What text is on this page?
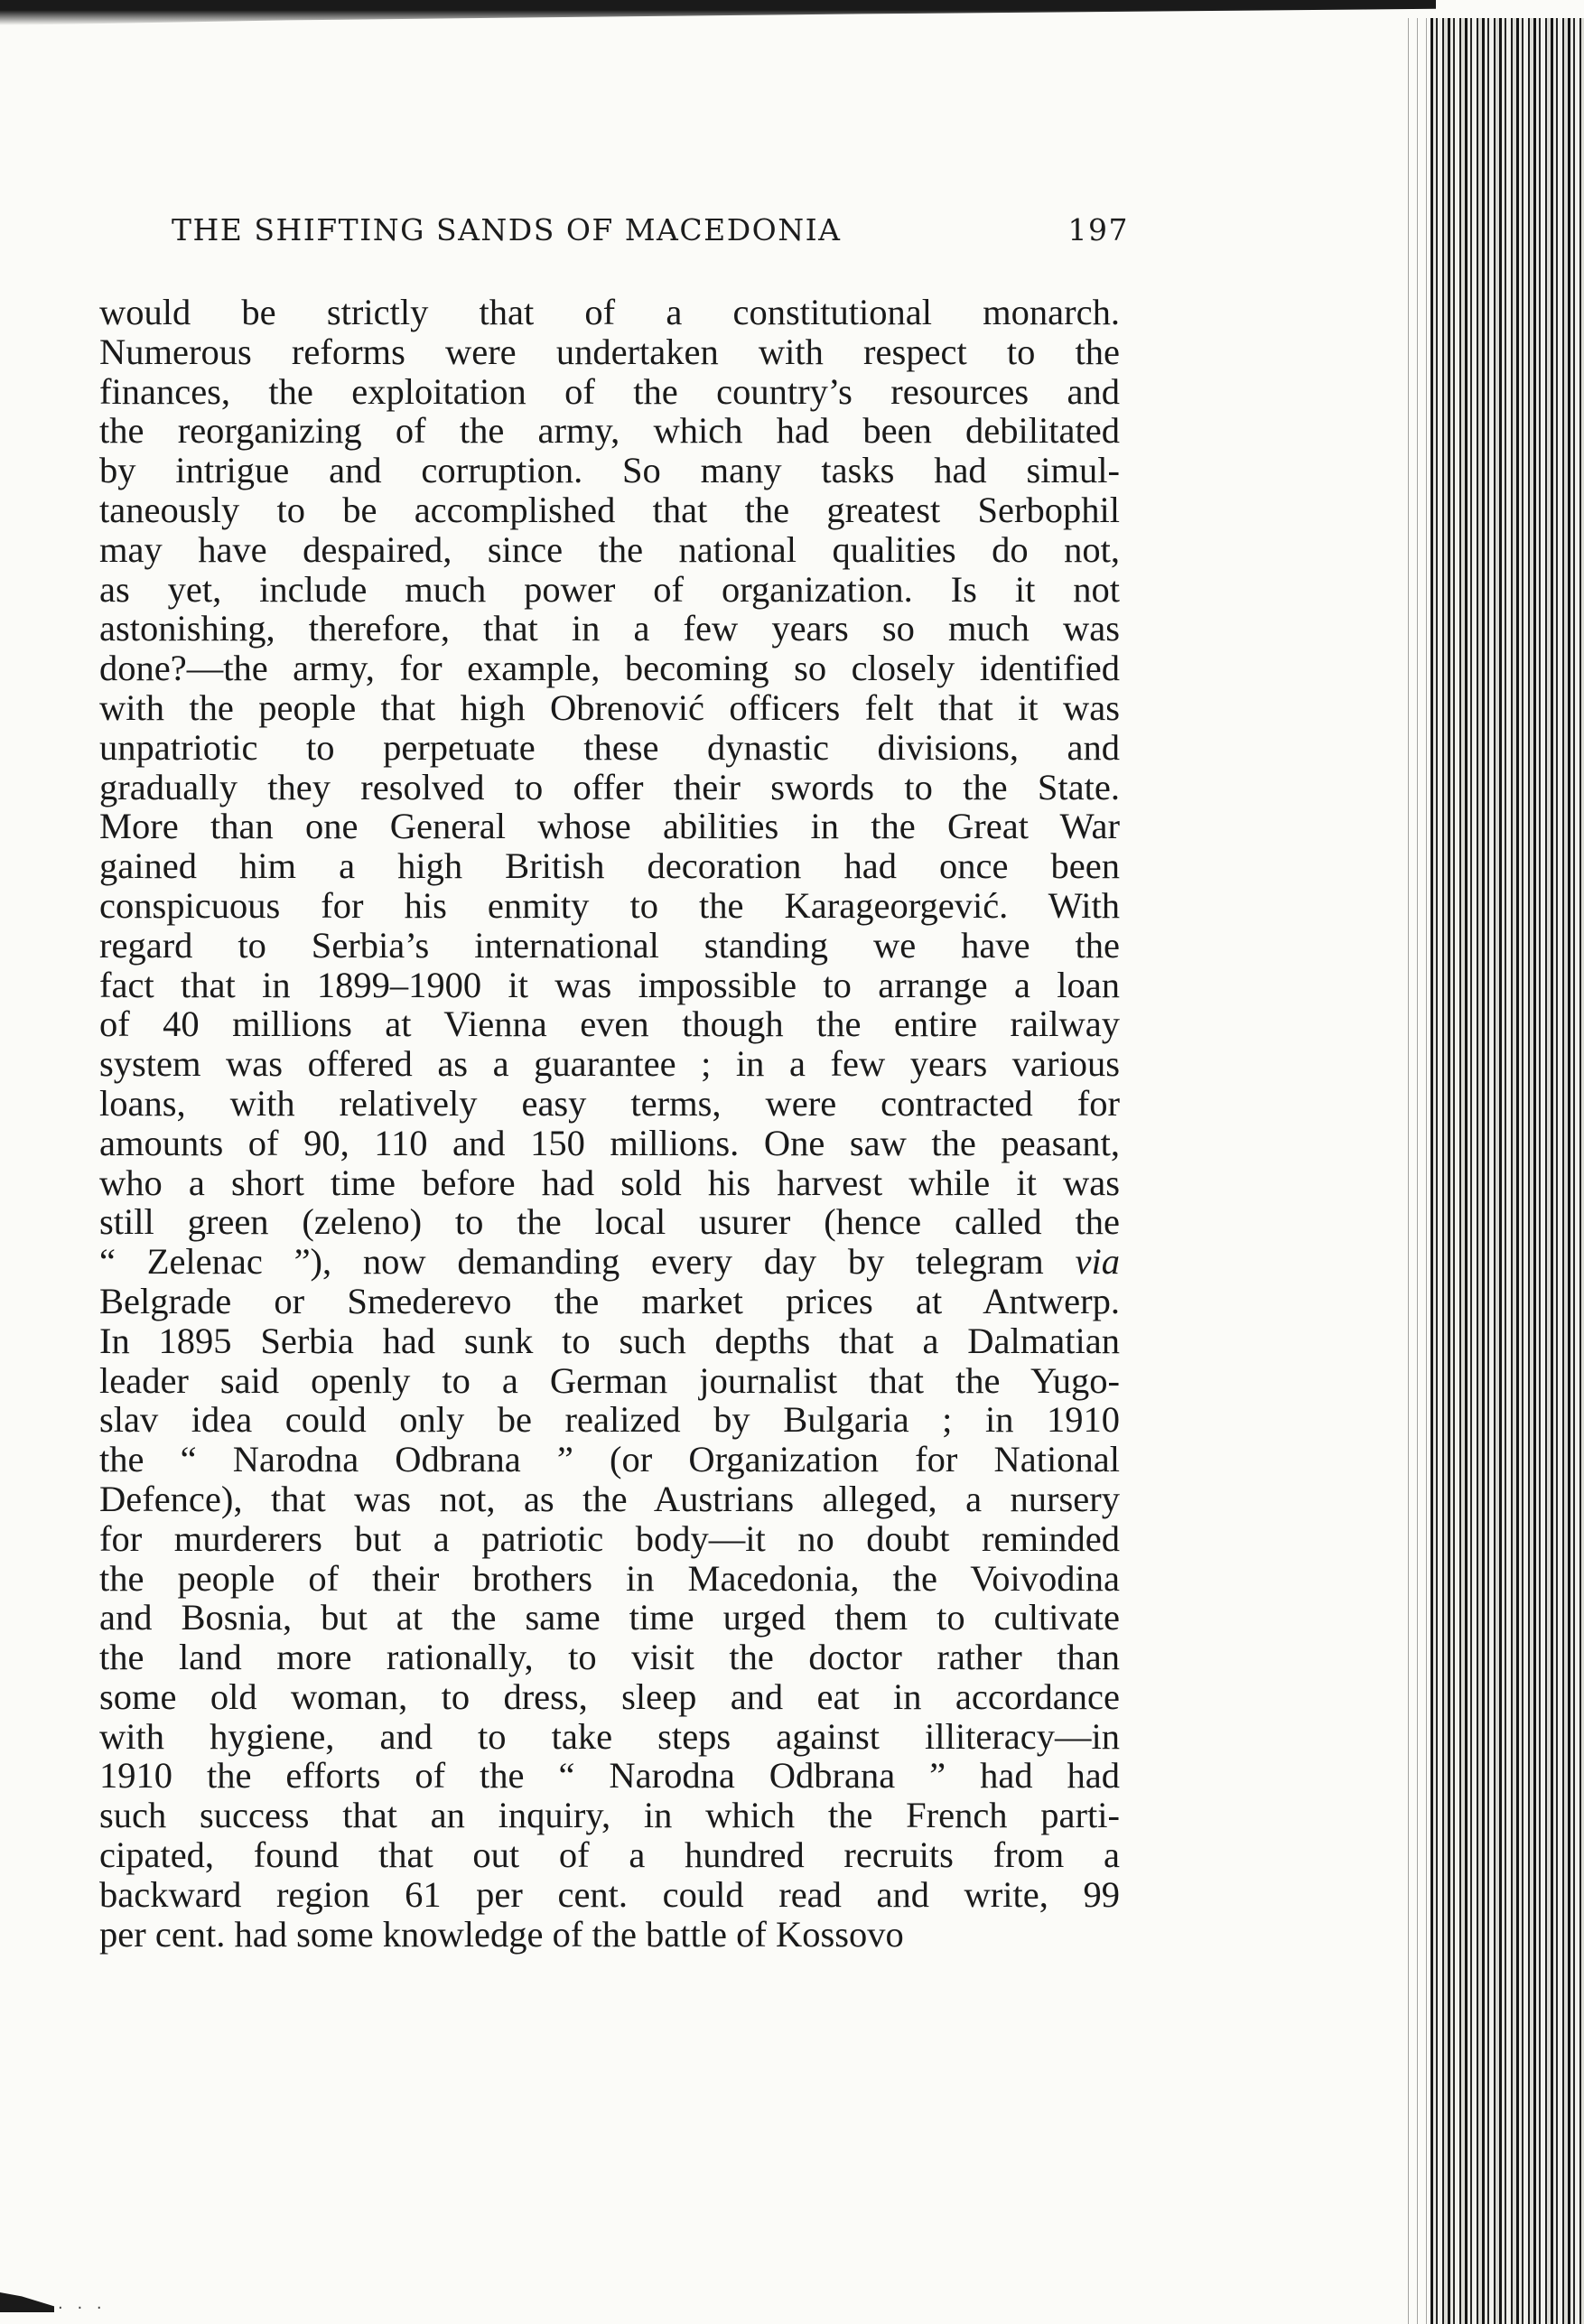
THE SHIFTING SANDS OF MACEDONIA	197
would be strictly that of a constitutional monarch.
Numerous reforms were undertaken with respect to the
finances, the exploitation of the country’s resources and
the reorganizing of the army, which had been debilitated
by intrigue and corruption. So many tasks had simul-
taneously to be accomplished that the greatest Serbophil
may have despaired, since the national qualities do not,
as yet, include much power of organization. Is it not
astonishing, therefore, that in a few years so much was
done?—the army, for example, becoming so closely identified
with the people that high Obrenović officers felt that it was
unpatriotic to perpetuate these dynastic divisions, and
gradually they resolved to offer their swords to the State.
More than one General whose abilities in the Great War
gained him a high British decoration had once been
conspicuous for his enmity to the Karageorgević. With
regard to Serbia’s international standing we have the
fact that in 1899–1900 it was impossible to arrange a loan
of 40 millions at Vienna even though the entire railway
system was offered as a guarantee ; in a few years various
loans, with relatively easy terms, were contracted for
amounts of 90, 110 and 150 millions. One saw the peasant,
who a short time before had sold his harvest while it was
still green (zeleno) to the local usurer (hence called the
“ Zelenac ”), now demanding every day by telegram via
Belgrade or Smederevo the market prices at Antwerp.
In 1895 Serbia had sunk to such depths that a Dalmatian
leader said openly to a German journalist that the Yugo-
slav idea could only be realized by Bulgaria ; in 1910
the “ Narodna Odbrana ” (or Organization for National
Defence), that was not, as the Austrians alleged, a nursery
for murderers but a patriotic body—it no doubt reminded
the people of their brothers in Macedonia, the Voivodina
and Bosnia, but at the same time urged them to cultivate
the land more rationally, to visit the doctor rather than
some old woman, to dress, sleep and eat in accordance
with hygiene, and to take steps against illiteracy—in
1910 the efforts of the “ Narodna Odbrana ” had had
such success that an inquiry, in which the French parti-
cipated, found that out of a hundred recruits from a
backward region 61 per cent. could read and write, 99
per cent. had some knowledge of the battle of Kossovo
· · ·
